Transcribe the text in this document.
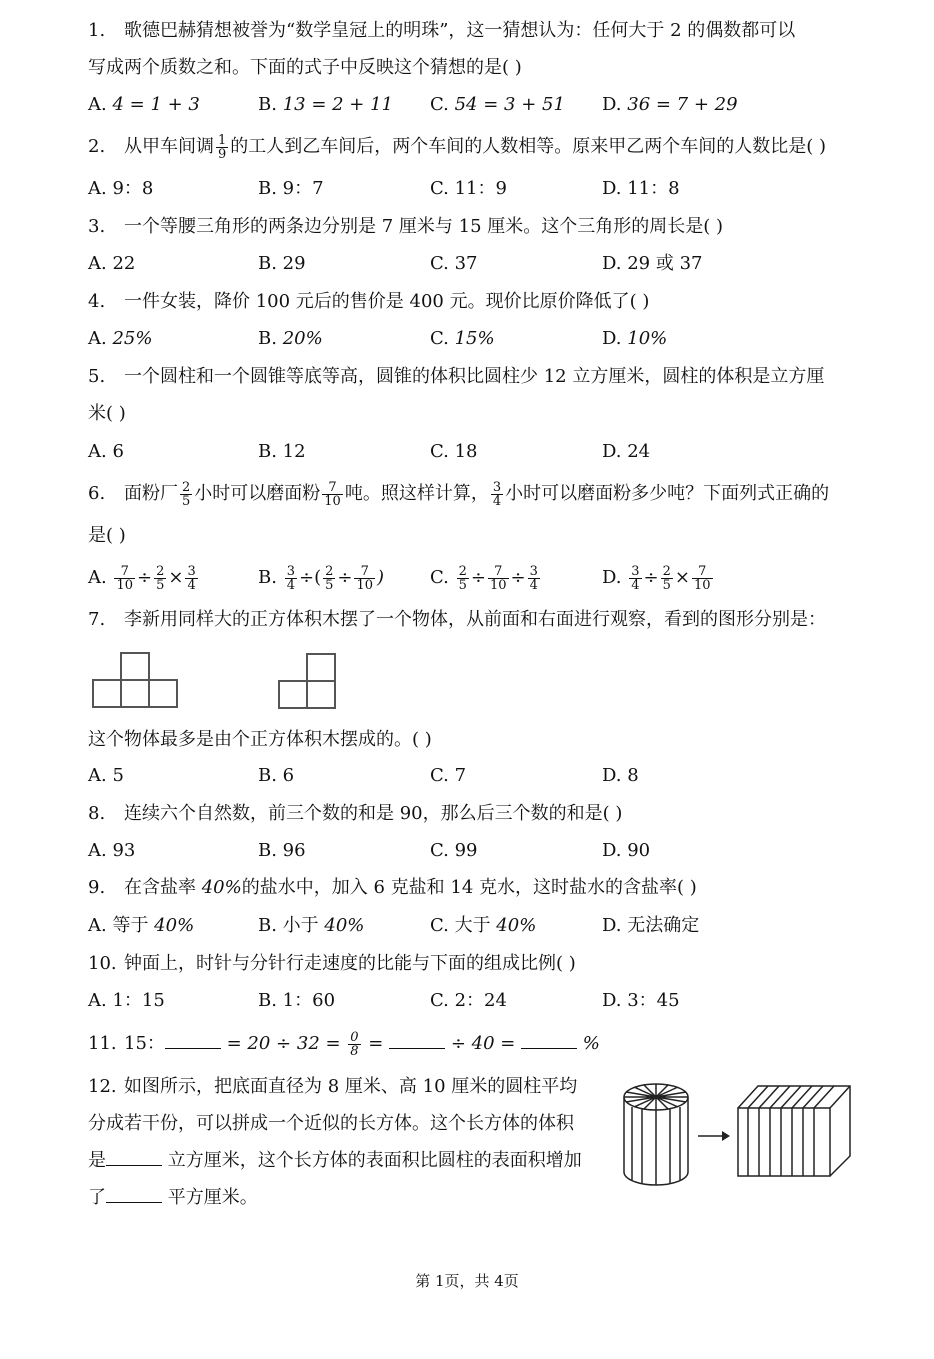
1. 歌德巴赫猜想被誉为“数学皇冠上的明珠”，这一猜想认为：任何大于 2 的偶数都可以
写成两个质数之和。下面的式子中反映这个猜想的是( )
A. 4 = 1 + 3	B. 13 = 2 + 11 C. 54 = 3 + 51 D. 36 = 7 + 29
2. 从甲车间调 $\frac{1}{9}$ 的工人到乙车间后，两个车间的人数相等。原来甲乙两个车间的人数比是( )
A. 9：8	B. 9：7	C. 11：9	D. 11：8
3. 一个等腰三角形的两条边分别是 7 厘米与 15 厘米。这个三角形的周长是( )
A. 22	B. 29	C. 37	D. 29 或 37
4. 一件女装，降价 100 元后的售价是 400 元。现价比原价降低了( )
A. 25%	B. 20%	C. 15%	D. 10%
5. 一个圆柱和一个圆锥等底等高，圆锥的体积比圆柱少 12 立方厘米，圆柱的体积是立方厘
米( )
A. 6	B. 12	C. 18	D. 24
6. 面粉厂 $\frac{2}{5}$ 小时可以磨面粉 $\frac{7}{10}$ 吨。照这样计算， $\frac{3}{4}$ 小时可以磨面粉多少吨？下面列式正确的
是( )
A. $\frac{7}{10} \div \frac{2}{5} \times \frac{3}{4}$	B. $\frac{3}{4}$ ÷( $\frac{2}{5} \div \frac{7}{10}$ )	C. $\frac{2}{5} \div \frac{7}{10} \div \frac{3}{4}$	D. $\frac{3}{4} \div \frac{2}{5} \times \frac{7}{10}$
7. 李新用同样大的正方体积木摆了一个物体，从前面和右面进行观察，看到的图形分别是：
这个物体最多是由个正方体积木摆成的。( )
A. 5	B. 6	C. 7	D. 8
8. 连续六个自然数，前三个数的和是 90，那么后三个数的和是( )
A. 93	B. 96	C. 99	D. 90
9. 在含盐率 40%的盐水中，加入 6 克盐和 14 克水，这时盐水的含盐率( )
A. 等于 40%	B. 小于 40%	C. 大于 40%	D. 无法确定
10. 钟面上，时针与分针行走速度的比能与下面的组成比例( )
A. 1：15	B. 1：60	C. 2：24	D. 3：45
11. 15：	= $20 \div 32 = \frac{0}{8}$ =	÷ 40 =	%
12. 如图所示，把底面直径为 8 厘米、高 10 厘米的圆柱平均
分成若干份，可以拼成一个近似的长方体。这个长方体的体积
是	立方厘米，这个长方体的表面积比圆柱的表面积增加
了	平方厘米。
第 1页，共 4页
